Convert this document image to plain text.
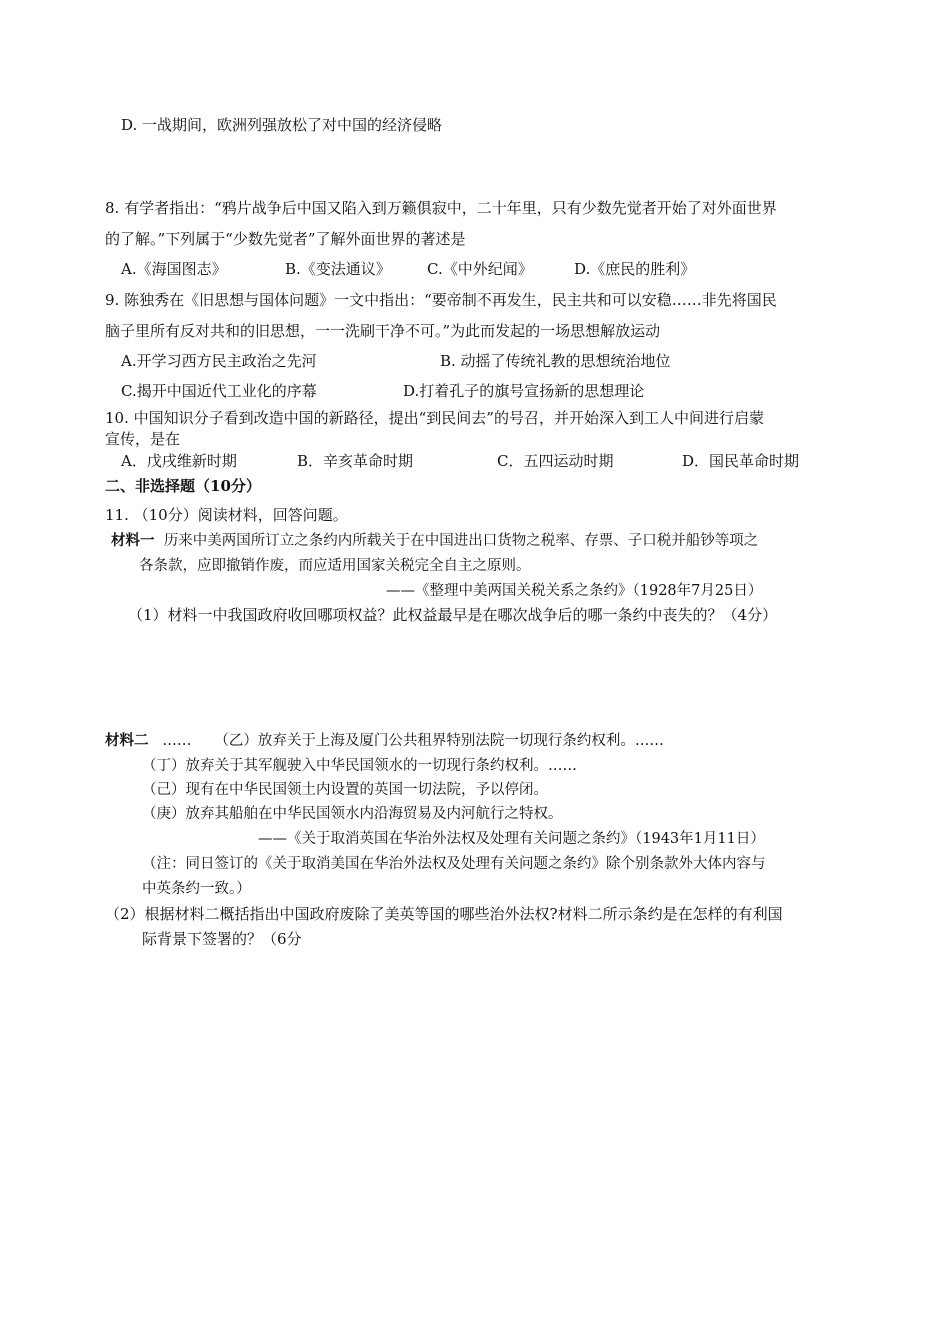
D. 一战期间，欧洲列强放松了对中国的经济侵略
8. 有学者指出：“鸦片战争后中国又陷入到万籁俱寂中，二十年里，只有少数先觉者开始了对外面世界
的了解。”下列属于“少数先觉者”了解外面世界的著述是
A.《海国图志》	B.《变法通议》 C.《中外纪闻》	D.《庶民的胜利》
9. 陈独秀在《旧思想与国体问题》一文中指出：“要帝制不再发生，民主共和可以安稳……非先将国民
脑子里所有反对共和的旧思想，一一洗刷干净不可。”为此而发起的一场思想解放运动
A.开学习西方民主政治之先河	B. 动摇了传统礼教的思想统治地位
C.揭开中国近代工业化的序幕	D.打着孔子的旗号宣扬新的思想理论
10. 中国知识分子看到改造中国的新路径，提出“到民间去”的号召，并开始深入到工人中间进行启蒙
宣传，是在
A．戊戌维新时期	B．辛亥革命时期	C．五四运动时期	D．国民革命时期
二、非选择题（10分）
11. （10分）阅读材料，回答问题。
材料一 历来中美两国所订立之条约内所载关于在中国进出口货物之税率、存票、子口税并船钞等项之
各条款，应即撤销作废，而应适用国家关税完全自主之原则。
——《整理中美两国关税关系之条约》（1928年7月25日）
（1）材料一中我国政府收回哪项权益？此权益最早是在哪次战争后的哪一条约中丧失的？（4分）
材料二 …… （乙）放弃关于上海及厦门公共租界特别法院一切现行条约权利。……
（丁）放弃关于其军舰驶入中华民国领水的一切现行条约权利。……
（己）现有在中华民国领土内设置的英国一切法院，予以停闭。
（庚）放弃其船舶在中华民国领水内沿海贸易及内河航行之特权。
——《关于取消英国在华治外法权及处理有关问题之条约》（1943年1月11日）
（注：同日签订的《关于取消美国在华治外法权及处理有关问题之条约》除个别条款外大体内容与
中英条约一致。）
（2）根据材料二概括指出中国政府废除了美英等国的哪些治外法权?材料二所示条约是在怎样的有利国
际背景下签署的？（6分
